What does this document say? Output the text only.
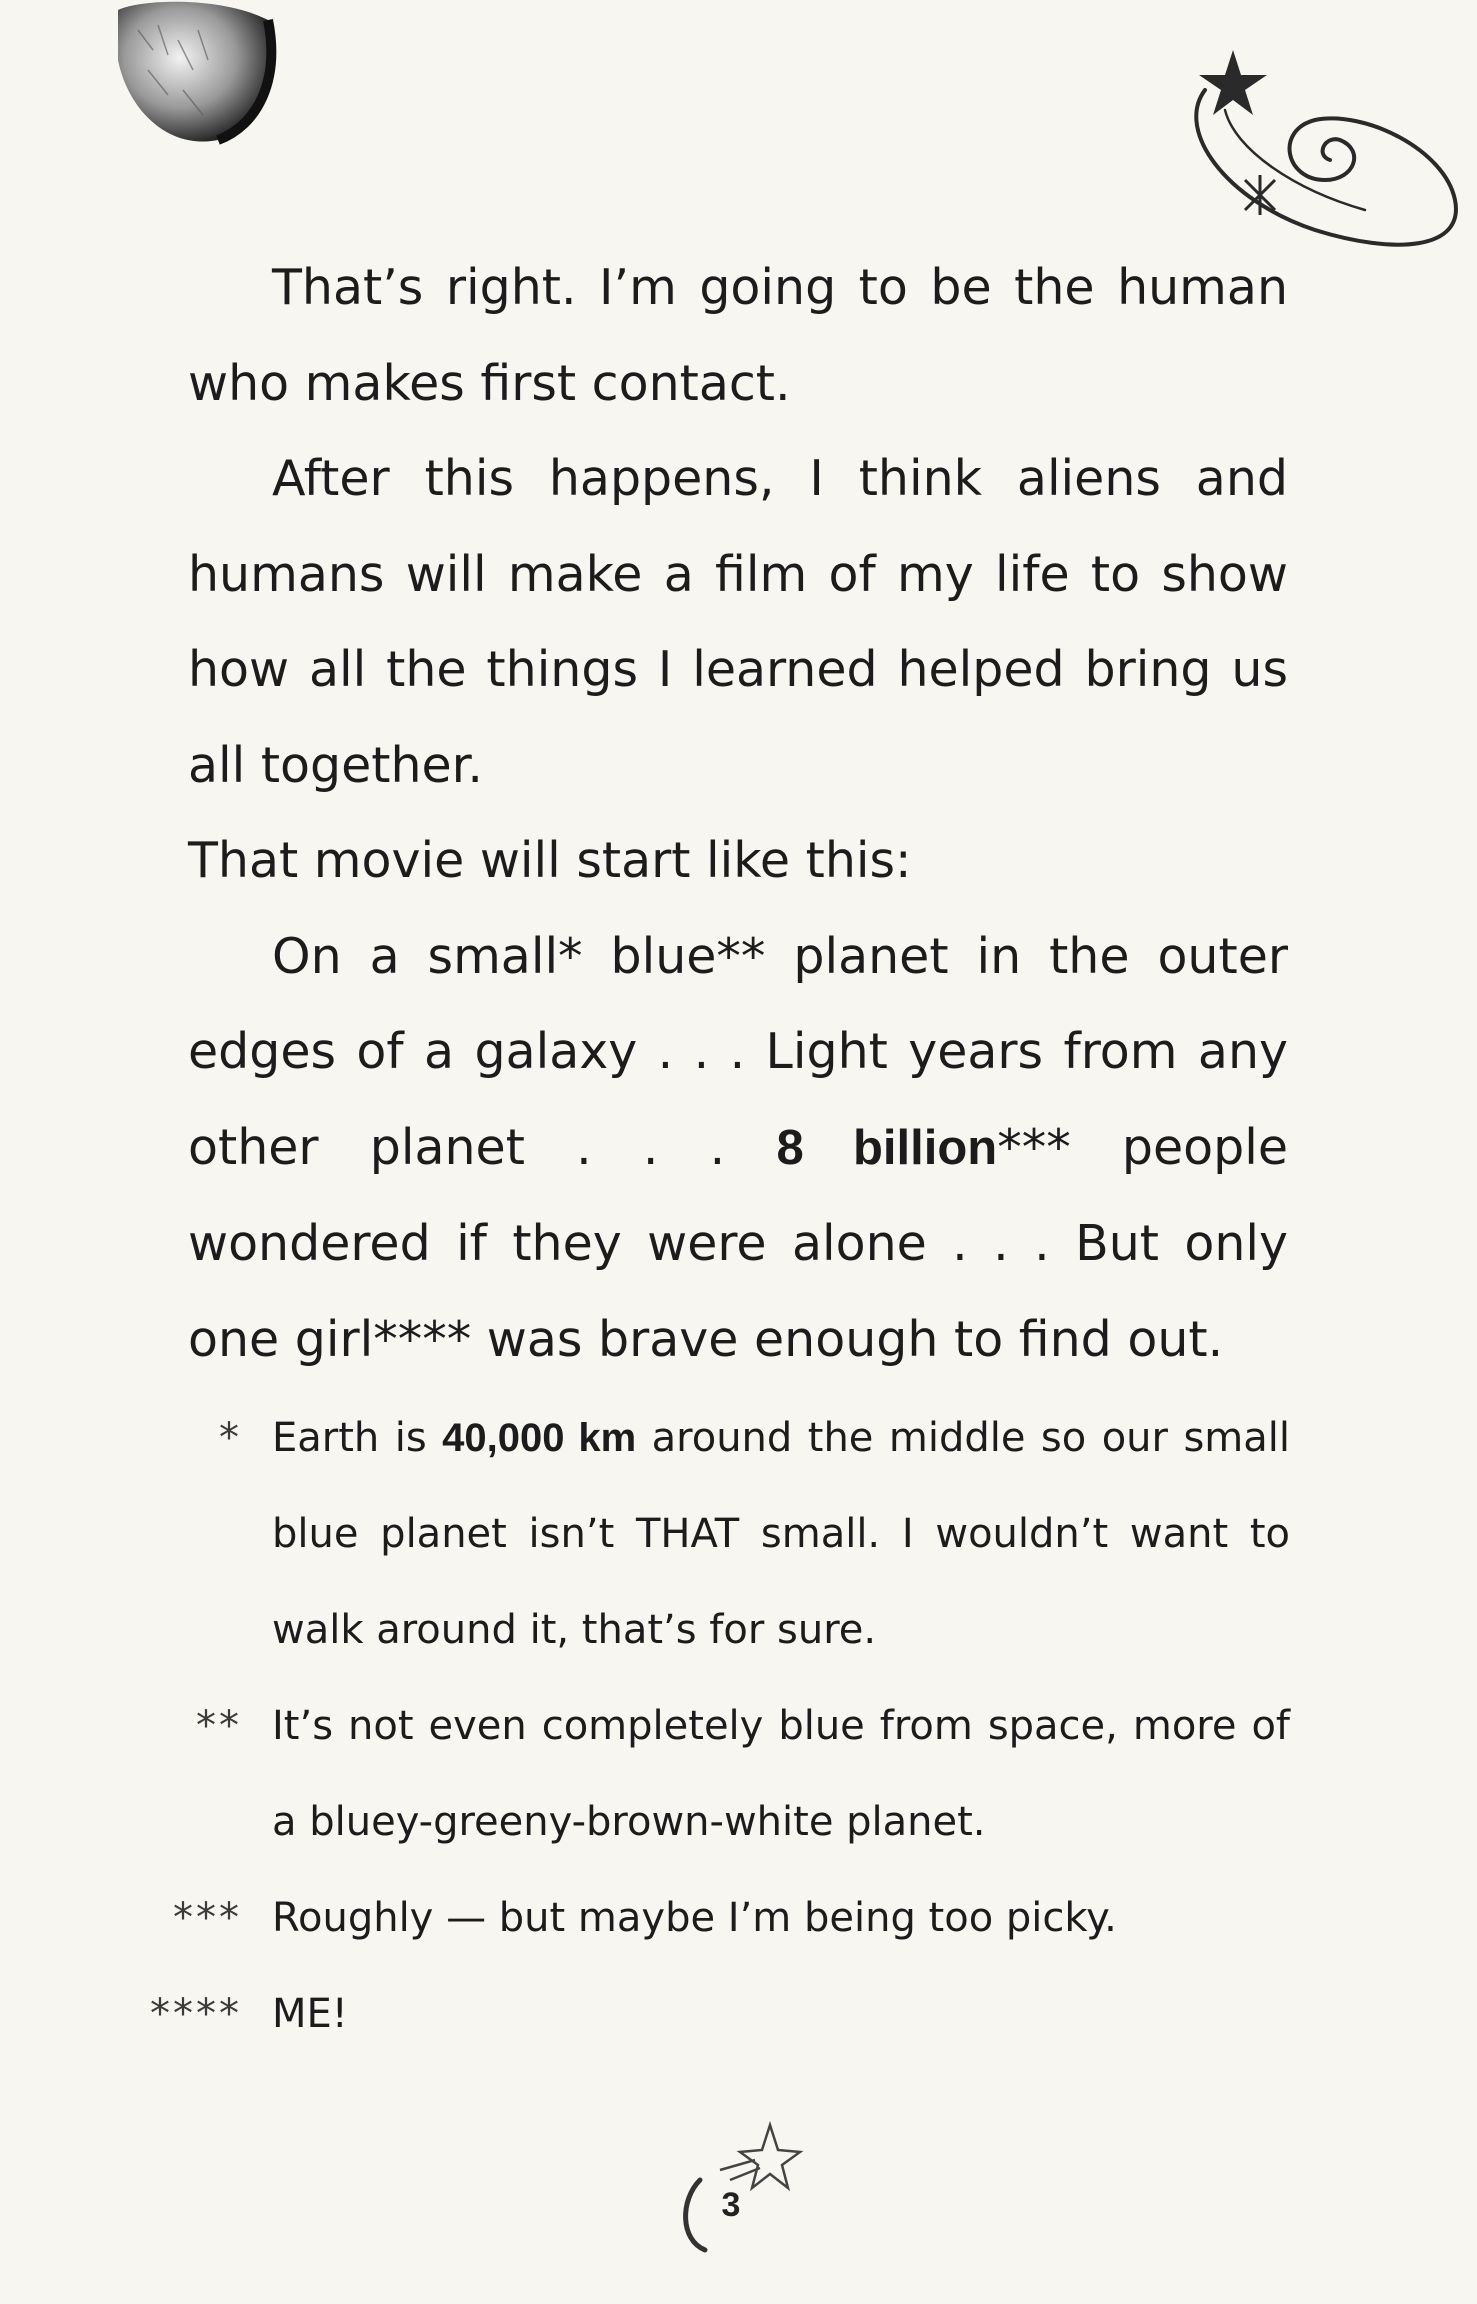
That’s right. I’m going to be the human who makes first contact.

After this happens, I think aliens and humans will make a film of my life to show how all the things I learned helped bring us all together.

That movie will start like this:

On a small* blue** planet in the outer edges of a galaxy . . . Light years from any other planet . . . 8 billion*** people wondered if they were alone . . . But only one girl**** was brave enough to find out.

* Earth is 40,000 km around the middle so our small blue planet isn’t THAT small. I wouldn’t want to walk around it, that’s for sure.
** It’s not even completely blue from space, more of a bluey-greeny-brown-white planet.
*** Roughly — but maybe I’m being too picky.
**** ME!
3
